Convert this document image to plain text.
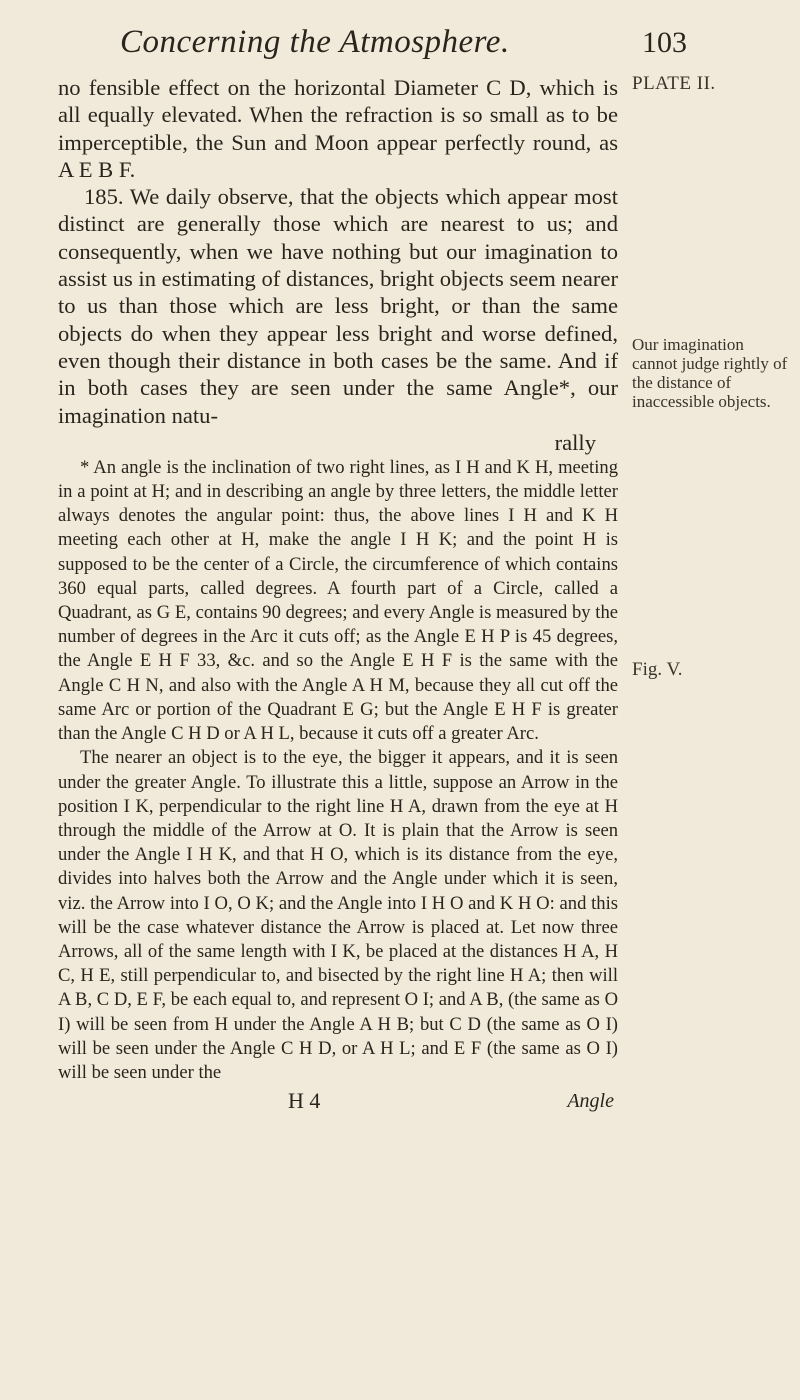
Concerning the Atmosphere.	103
PLATE II.
Our imagination cannot judge rightly of the distance of inaccessible objects.
Fig. V.

no fensible effect on the horizontal Diameter C D, which is all equally elevated. When the refraction is so small as to be imperceptible, the Sun and Moon appear perfectly round, as A E B F.

185. We daily observe, that the objects which appear most distinct are generally those which are nearest to us; and consequently, when we have nothing but our imagination to assist us in estimating of distances, bright objects seem nearer to us than those which are less bright, or than the same objects do when they appear less bright and worse defined, even though their distance in both cases be the same. And if in both cases they are seen under the same Angle*, our imagination natu-

rally

* An angle is the inclination of two right lines, as I H and K H, meeting in a point at H; and in describing an angle by three letters, the middle letter always denotes the angular point: thus, the above lines I H and K H meeting each other at H, make the angle I H K; and the point H is supposed to be the center of a Circle, the circumference of which contains 360 equal parts, called degrees. A fourth part of a Circle, called a Quadrant, as G E, contains 90 degrees; and every Angle is measured by the number of degrees in the Arc it cuts off; as the Angle E H P is 45 degrees, the Angle E H F 33, &c. and so the Angle E H F is the same with the Angle C H N, and also with the Angle A H M, because they all cut off the same Arc or portion of the Quadrant E G; but the Angle E H F is greater than the Angle C H D or A H L, because it cuts off a greater Arc.

The nearer an object is to the eye, the bigger it appears, and it is seen under the greater Angle. To illustrate this a little, suppose an Arrow in the position I K, perpendicular to the right line H A, drawn from the eye at H through the middle of the Arrow at O. It is plain that the Arrow is seen under the Angle I H K, and that H O, which is its distance from the eye, divides into halves both the Arrow and the Angle under which it is seen, viz. the Arrow into I O, O K; and the Angle into I H O and K H O: and this will be the case whatever distance the Arrow is placed at. Let now three Arrows, all of the same length with I K, be placed at the distances H A, H C, H E, still perpendicular to, and bisected by the right line H A; then will A B, C D, E F, be each equal to, and represent O I; and A B, (the same as O I) will be seen from H under the Angle A H B; but C D (the same as O I) will be seen under the Angle C H D, or A H L; and E F (the same as O I) will be seen under the

H 4	Angle
